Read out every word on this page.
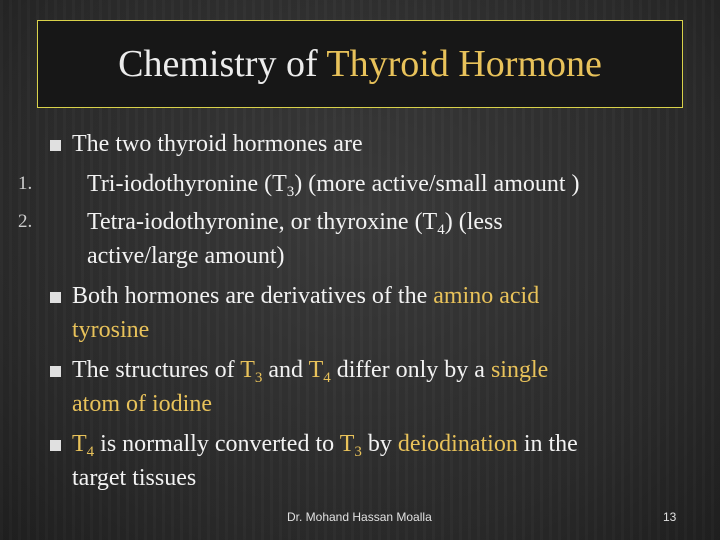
Chemistry of Thyroid Hormone
The two thyroid hormones are
1. Tri-iodothyronine $(T_3)$ (more active/small amount )
2. Tetra-iodothyronine, or thyroxine $(T_4)$ (less
active/large amount)
Both hormones are derivatives of the amino acid
tyrosine
The structures of $T_3$ and $T_4$ differ only by a single
atom of iodine
$T_4$ is normally converted to $T_3$ by deiodination in the
target tissues
Dr. Mohand Hassan Moalla	13
